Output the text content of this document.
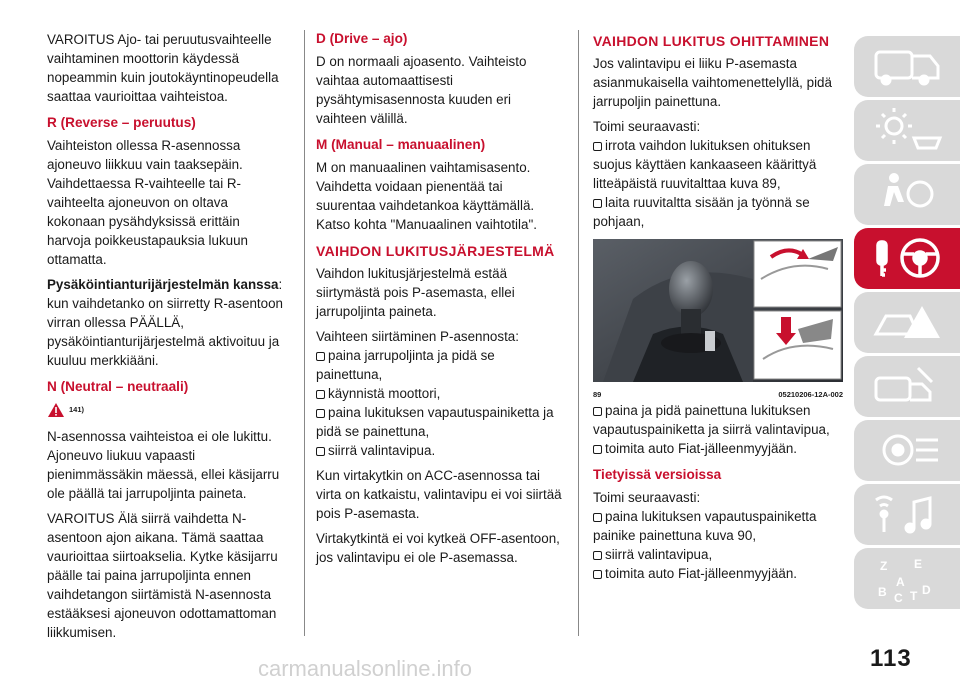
VAROITUS Ajo- tai peruutusvaihteelle vaihtaminen moottorin käydessä nopeammin kuin joutokäyntinopeudella saattaa vaurioittaa vaihteistoa.

R (Reverse – peruutus)

Vaihteiston ollessa R-asennossa ajoneuvo liikkuu vain taaksepäin. Vaihdettaessa R-vaihteelle tai R-vaihteelta ajoneuvon on oltava kokonaan pysähdyksissä erittäin harvoja poikkeustapauksia lukuun ottamatta.

Pysäköintianturijärjestelmän kanssa: kun vaihdetanko on siirretty R-asentoon virran ollessa PÄÄLLÄ, pysäköintianturijärjestelmä aktivoituu ja kuuluu merkkiääni.

N (Neutral – neutraali)
141)

N-asennossa vaihteistoa ei ole lukittu. Ajoneuvo liukuu vapaasti pienimmässäkin mäessä, ellei käsijarru ole päällä tai jarrupoljinta paineta.

VAROITUS Älä siirrä vaihdetta N-asentoon ajon aikana. Tämä saattaa vaurioittaa siirtoakselia. Kytke käsijarru päälle tai paina jarrupoljinta ennen vaihdetangon siirtämistä N-asennosta estääksesi ajoneuvon odottamattoman liikkumisen.

D (Drive – ajo)

D on normaali ajoasento. Vaihteisto vaihtaa automaattisesti pysähtymisasennosta kuuden eri vaihteen välillä.

M (Manual – manuaalinen)

M on manuaalinen vaihtamisasento. Vaihdetta voidaan pienentää tai suurentaa vaihdetankoa käyttämällä. Katso kohta "Manuaalinen vaihtotila".

VAIHDON LUKITUSJÄRJESTELMÄ

Vaihdon lukitusjärjestelmä estää siirtymästä pois P-asemasta, ellei jarrupoljinta paineta.

Vaihteen siirtäminen P-asennosta:

paina jarrupoljinta ja pidä se painettuna,
käynnistä moottori,
paina lukituksen vapautuspainiketta ja pidä se painettuna,
siirrä valintavipua.

Kun virtakytkin on ACC-asennossa tai virta on katkaistu, valintavipu ei voi siirtää pois P-asemasta.

Virtakytkintä ei voi kytkeä OFF-asentoon, jos valintavipu ei ole P-asemassa.

VAIHDON LUKITUS OHITTAMINEN

Jos valintavipu ei liiku P-asemasta asianmukaisella vaihtomenettelyllä, pidä jarrupoljin painettuna.

Toimi seuraavasti:

irrota vaihdon lukituksen ohituksen suojus käyttäen kankaaseen käärittyä litteäpäistä ruuvitalttaa kuva 89,
laita ruuvitaltta sisään ja työnnä se pohjaan,
89	05210206-12A-002
paina ja pidä painettuna lukituksen vapautuspainiketta ja siirrä valintavipua,
toimita auto Fiat-jälleenmyyjään.
Tietyissä versioissa

Toimi seuraavasti:

paina lukituksen vapautuspainiketta painike painettuna kuva 90,
siirrä valintavipua,
toimita auto Fiat-jälleenmyyjään.	Z E
A
B C T D
113
carmanualsonline.info
